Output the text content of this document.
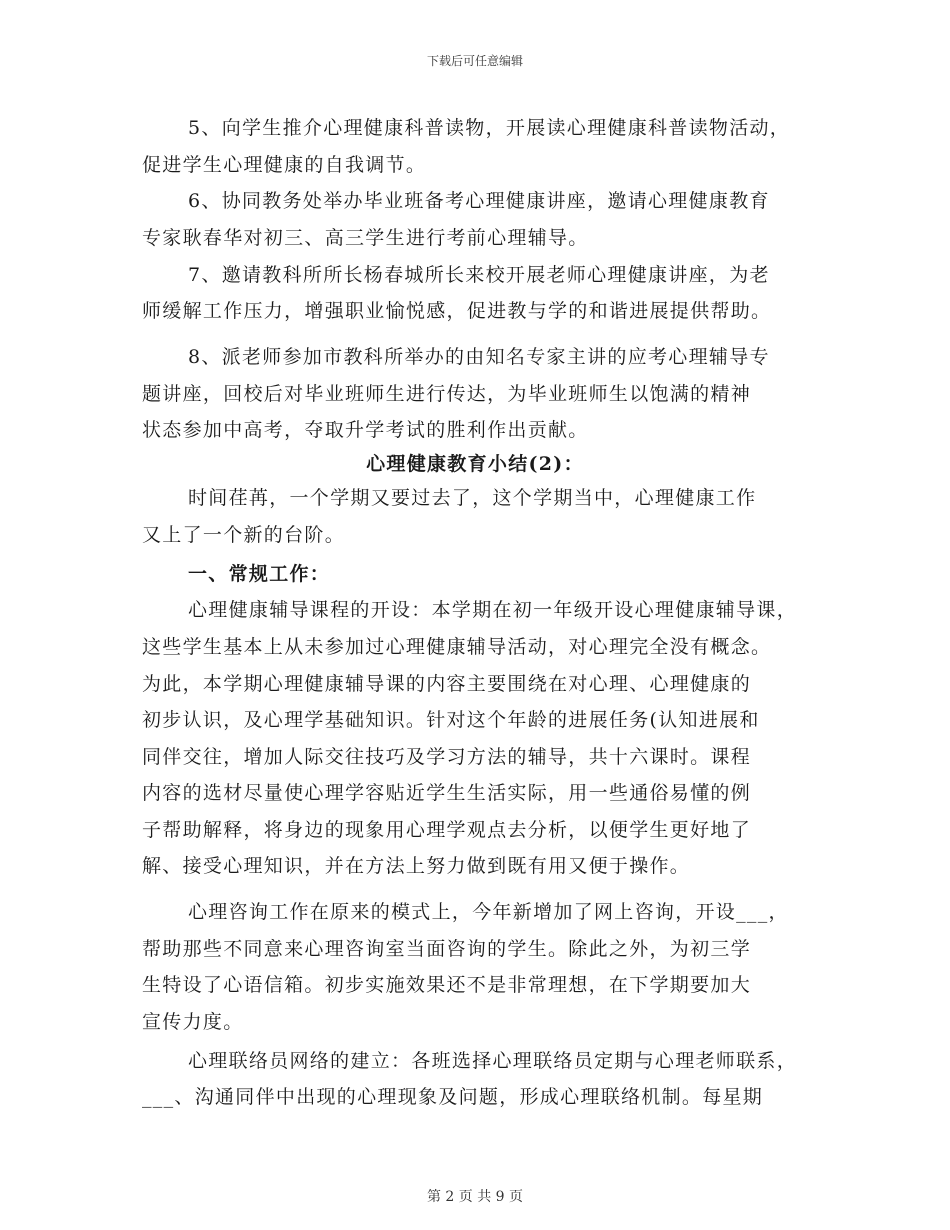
下载后可任意编辑
5、向学生推介心理健康科普读物，开展读心理健康科普读物活动，
促进学生心理健康的自我调节。
6、协同教务处举办毕业班备考心理健康讲座，邀请心理健康教育
专家耿春华对初三、高三学生进行考前心理辅导。
7、邀请教科所所长杨春城所长来校开展老师心理健康讲座，为老
师缓解工作压力，增强职业愉悦感，促进教与学的和谐进展提供帮助。
8、派老师参加市教科所举办的由知名专家主讲的应考心理辅导专
题讲座，回校后对毕业班师生进行传达，为毕业班师生以饱满的精神
状态参加中高考，夺取升学考试的胜利作出贡献。
心理健康教育小结(2)：
时间荏苒，一个学期又要过去了，这个学期当中，心理健康工作
又上了一个新的台阶。
一、常规工作：
心理健康辅导课程的开设：本学期在初一年级开设心理健康辅导课，
这些学生基本上从未参加过心理健康辅导活动，对心理完全没有概念。
为此，本学期心理健康辅导课的内容主要围绕在对心理、心理健康的
初步认识，及心理学基础知识。针对这个年龄的进展任务(认知进展和
同伴交往，增加人际交往技巧及学习方法的辅导，共十六课时。课程
内容的选材尽量使心理学容贴近学生生活实际，用一些通俗易懂的例
子帮助解释，将身边的现象用心理学观点去分析，以便学生更好地了
解、接受心理知识，并在方法上努力做到既有用又便于操作。
心理咨询工作在原来的模式上，今年新增加了网上咨询，开设___，
帮助那些不同意来心理咨询室当面咨询的学生。除此之外，为初三学
生特设了心语信箱。初步实施效果还不是非常理想，在下学期要加大
宣传力度。
心理联络员网络的建立：各班选择心理联络员定期与心理老师联系，
___、沟通同伴中出现的心理现象及问题，形成心理联络机制。每星期
第 2 页 共 9 页
